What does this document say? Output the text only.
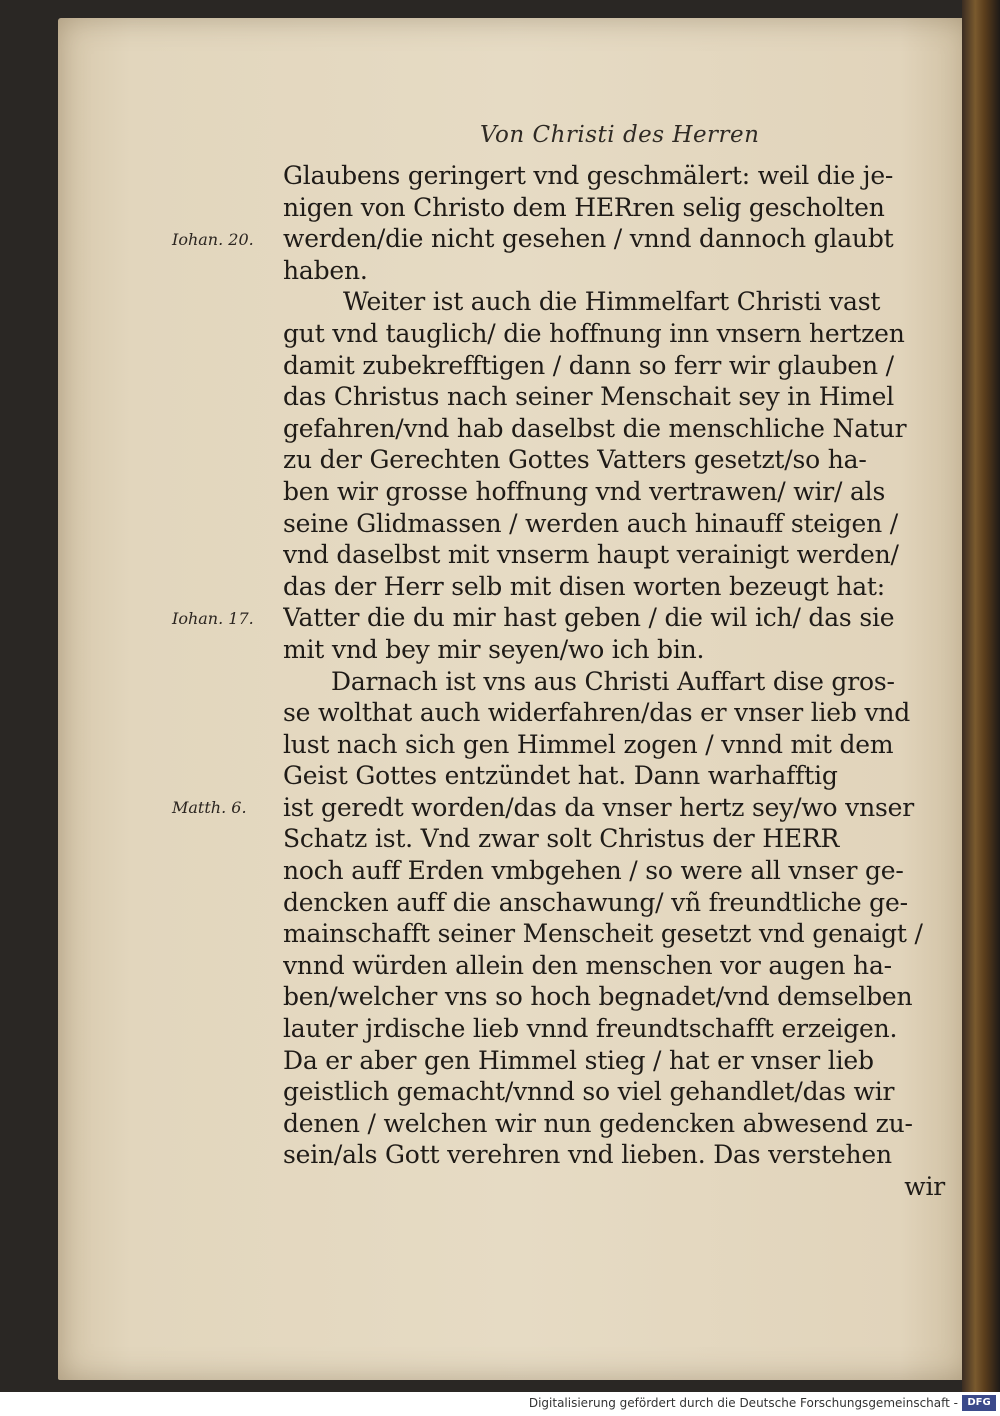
Von Christi des Herren
Iohan. 20.
Iohan. 17.
Matth. 6.
Glaubens geringert vnd geschmälert: weil die je-
nigen von Christo dem HERren selig gescholten
werden/die nicht gesehen / vnnd dannoch glaubt
haben.
Weiter ist auch die Himmelfart Christi vast
gut vnd tauglich/ die hoffnung inn vnsern hertzen
damit zubekrefftigen / dann so ferr wir glauben /
das Christus nach seiner Menschait sey in Himel
gefahren/vnd hab daselbst die menschliche Natur
zu der Gerechten Gottes Vatters gesetzt/so ha-
ben wir grosse hoffnung vnd vertrawen/ wir/ als
seine Glidmassen / werden auch hinauff steigen /
vnd daselbst mit vnserm haupt verainigt werden/
das der Herr selb mit disen worten bezeugt hat:
Vatter die du mir hast geben / die wil ich/ das sie
mit vnd bey mir seyen/wo ich bin.
Darnach ist vns aus Christi Auffart dise gros-
se wolthat auch widerfahren/das er vnser lieb vnd
lust nach sich gen Himmel zogen / vnnd mit dem
Geist Gottes entzündet hat. Dann warhafftig
ist geredt worden/das da vnser hertz sey/wo vnser
Schatz ist. Vnd zwar solt Christus der HERR
noch auff Erden vmbgehen / so were all vnser ge-
dencken auff die anschawung/ vñ freundtliche ge-
mainschafft seiner Menscheit gesetzt vnd genaigt /
vnnd würden allein den menschen vor augen ha-
ben/welcher vns so hoch begnadet/vnd demselben
lauter jrdische lieb vnnd freundtschafft erzeigen.
Da er aber gen Himmel stieg / hat er vnser lieb
geistlich gemacht/vnnd so viel gehandlet/das wir
denen / welchen wir nun gedencken abwesend zu-
sein/als Gott verehren vnd lieben. Das verstehen
wir
Digitalisierung gefördert durch die Deutsche Forschungsgemeinschaft - DFG
